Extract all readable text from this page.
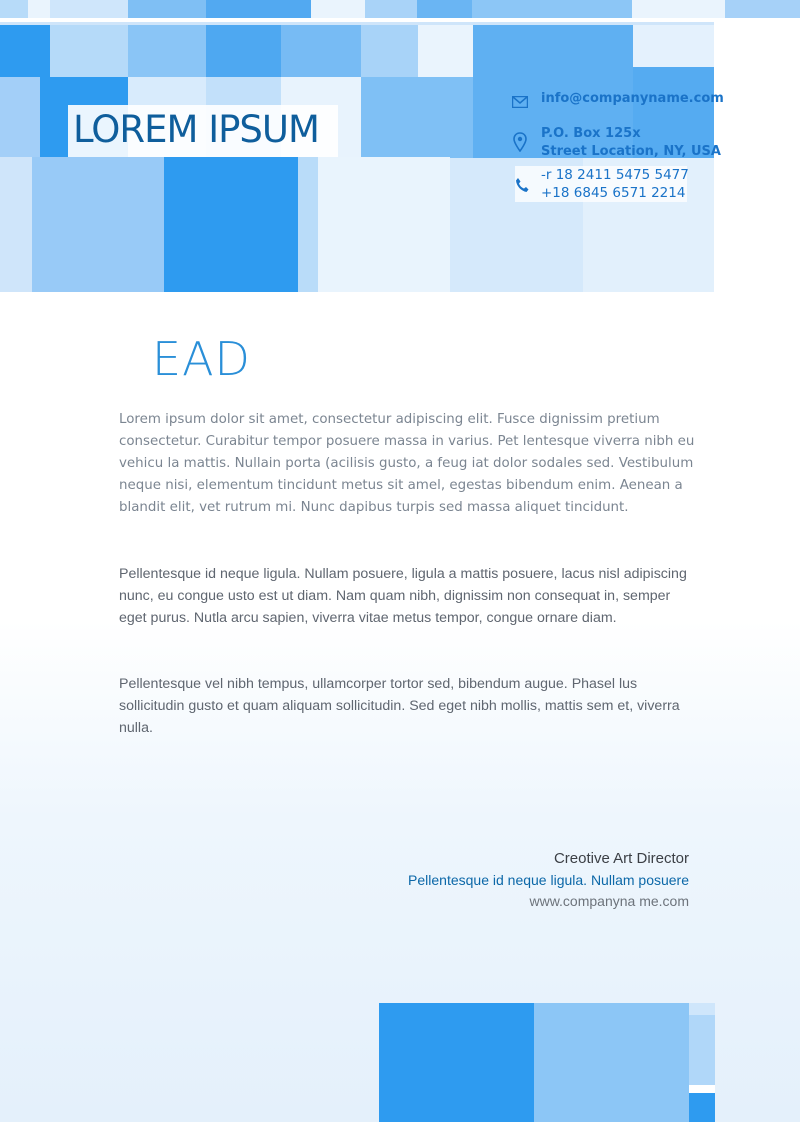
LOREM IPSUM
info@companyname.com
P.O. Box 125x
Street Location, NY, USA
-r 18 2411 5475 5477
+18 6845 6571 2214
EAD

Lorem ipsum dolor sit amet, consectetur adipiscing elit. Fusce dignissim pretium consectetur. Curabitur tempor posuere massa in varius. Pet lentesque viverra nibh eu vehicu la mattis. Nullain porta (acilisis gusto, a feug iat dolor sodales sed. Vestibulum neque nisi, elementum tincidunt metus sit amel, egestas bibendum enim. Aenean a blandit elit, vet rutrum mi. Nunc dapibus turpis sed massa aliquet tincidunt.

Pellentesque id neque ligula. Nullam posuere, ligula a mattis posuere, lacus nisl adipiscing nunc, eu congue usto est ut diam. Nam quam nibh, dignissim non consequat in, semper eget purus. Nutla arcu sapien, viverra vitae metus tempor, congue ornare diam.

Pellentesque vel nibh tempus, ullamcorper tortor sed, bibendum augue. Phasel lus sollicitudin gusto et quam aliquam sollicitudin. Sed eget nibh mollis, mattis sem et, viverra nulla.

Creotive Art Director
Pellentesque id neque ligula. Nullam posuere
www.companyna me.com
